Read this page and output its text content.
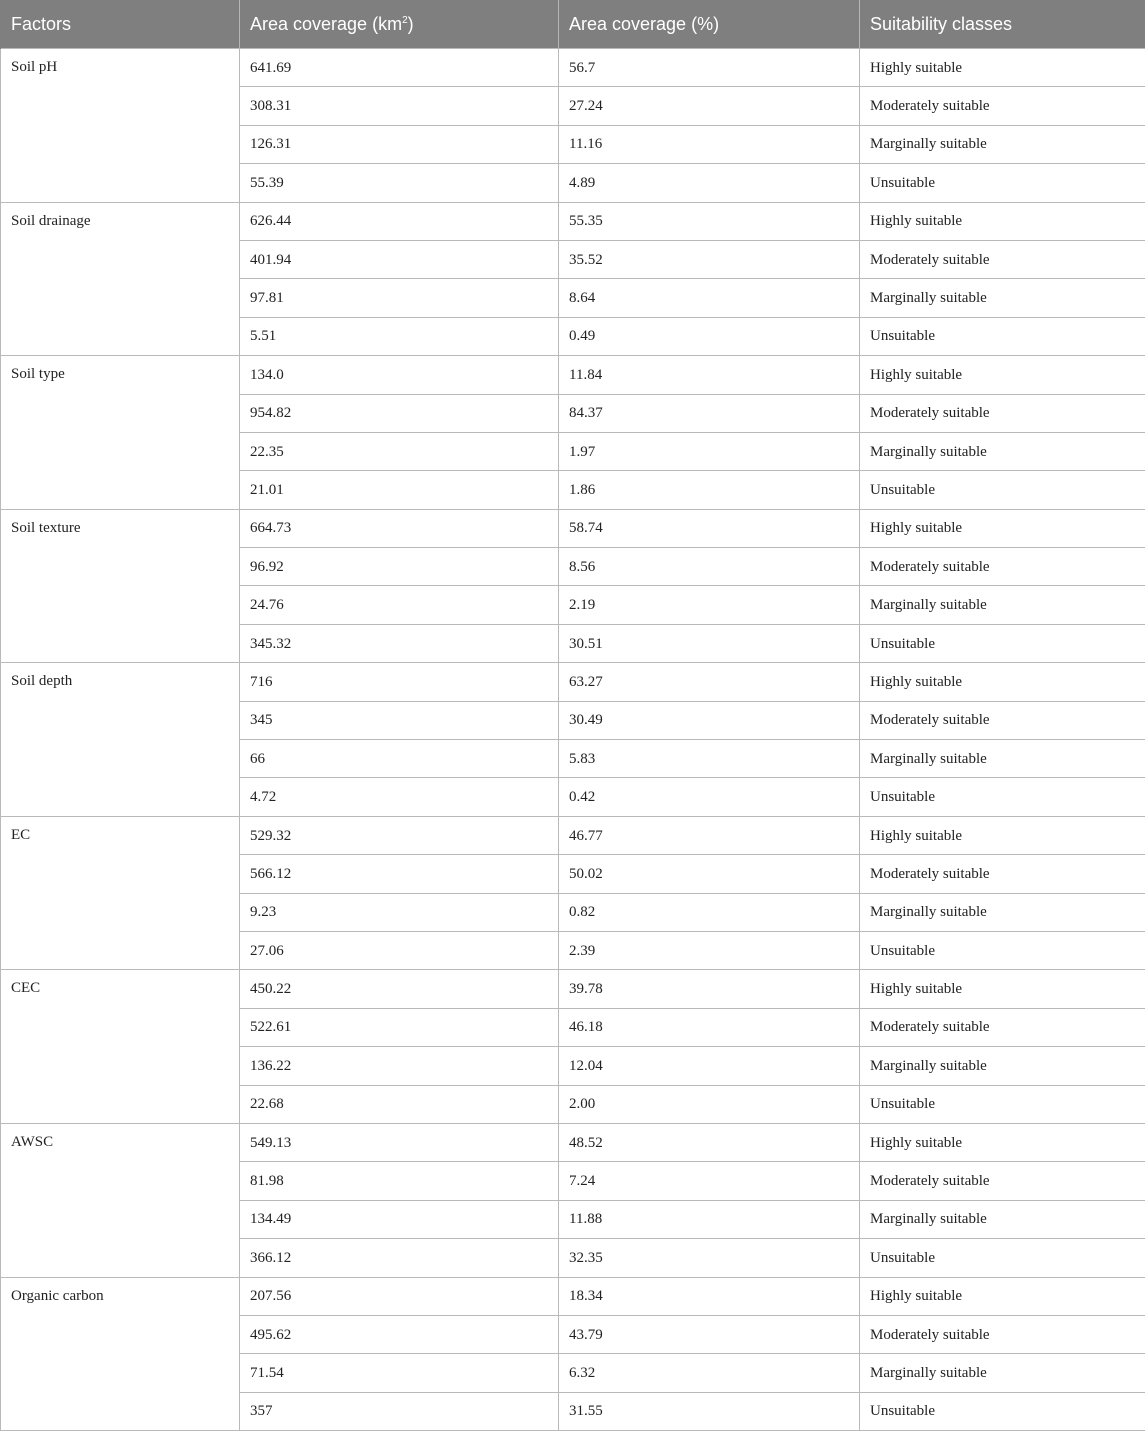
Factors	Area coverage $(km^2)$	Area coverage (%)	Suitability classes
Soil pH	641.69	56.7	Highly suitable
	308.31	27.24	Moderately suitable
	126.31	11.16	Marginally suitable
	55.39	4.89	Unsuitable
Soil drainage	626.44	55.35	Highly suitable
	401.94	35.52	Moderately suitable
	97.81	8.64	Marginally suitable
	5.51	0.49	Unsuitable
Soil type	134.0	11.84	Highly suitable
	954.82	84.37	Moderately suitable
	22.35	1.97	Marginally suitable
	21.01	1.86	Unsuitable
Soil texture	664.73	58.74	Highly suitable
	96.92	8.56	Moderately suitable
	24.76	2.19	Marginally suitable
	345.32	30.51	Unsuitable
Soil depth	716	63.27	Highly suitable
	345	30.49	Moderately suitable
	66	5.83	Marginally suitable
	4.72	0.42	Unsuitable
EC	529.32	46.77	Highly suitable
	566.12	50.02	Moderately suitable
	9.23	0.82	Marginally suitable
	27.06	2.39	Unsuitable
CEC	450.22	39.78	Highly suitable
	522.61	46.18	Moderately suitable
	136.22	12.04	Marginally suitable
	22.68	2.00	Unsuitable
AWSC	549.13	48.52	Highly suitable
	81.98	7.24	Moderately suitable
	134.49	11.88	Marginally suitable
	366.12	32.35	Unsuitable
Organic carbon	207.56	18.34	Highly suitable
	495.62	43.79	Moderately suitable
	71.54	6.32	Marginally suitable
	357	31.55	Unsuitable
